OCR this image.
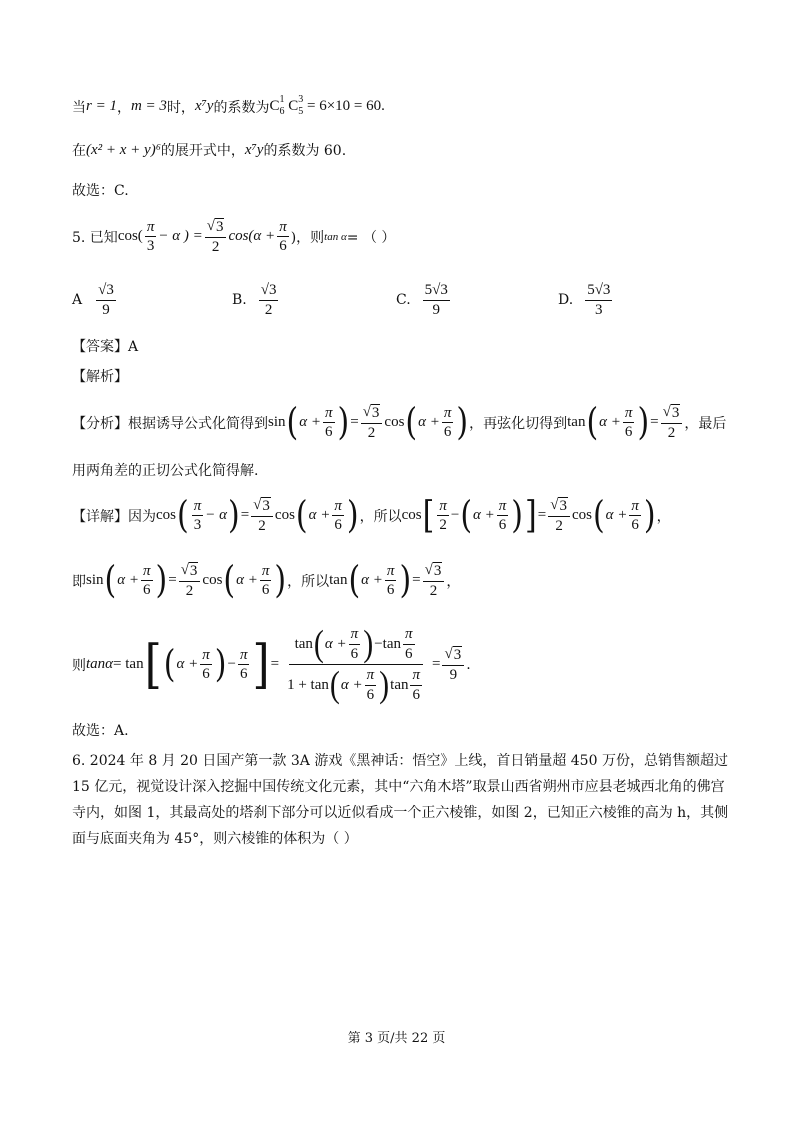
当 r = 1 ， m = 3 时， x⁷y 的系数为 $C^1_6$ $C^3_5 = 6\times 10 = 60$.
在 (x² + x + y)⁶ 的展开式中， x⁷y 的系数为 60.
故选：C.
5. 已知 $\cos( \frac{\pi}{3} - \alpha$ ) = $\frac{√ 3}{2} \cos(\alpha + \frac{\pi}{6}$ )，则 tan α = （ ）
A $\frac{√3}{9}$	B. $\frac{√3}{2}$	C. $\frac{5√3}{9}$	D. $\frac{5√3}{3}$
【答案】A
【解析】
【分析】根据诱导公式化简得到 sin ( $\alpha + \frac{\pi}{6}$ ) = $\frac{√ 3}{2}$ cos ( $\alpha + \frac{\pi}{6}$ ) ，再弦化切得到 tan ( $\alpha + \frac{\pi}{6}$ ) = $\frac{√ 3}{2}$ ，最后
用两角差的正切公式化简得解.
【详解】因为 cos ( $\frac{\pi}{3} - \alpha$ ) = $\frac{√ 3}{2}$ cos ( $\alpha + \frac{\pi}{6}$ ) ，所以 cos [ $\frac{\pi}{2}$ − ( $\alpha + \frac{\pi}{6}$ ) ] = $\frac{√ 3}{2}$ cos ( $\alpha + \frac{\pi}{6}$ ) ，
即 sin ( $\alpha + \frac{\pi}{6}$ ) = $\frac{√ 3}{2}$ cos ( $\alpha + \frac{\pi}{6}$ ) ，所以 tan ( $\alpha + \frac{\pi}{6}$ ) = $\frac{√ 3}{2}$ ，
则 tanα = tan [ ( $\alpha + \frac{\pi}{6}$ ) − $\frac{\pi}{6}$ ] = $\frac{\tan ( \alpha + \frac{\pi}{6} ) - \tan \frac{\pi}{6}}{1 + \tan ( \alpha + \frac{\pi}{6} ) \tan \frac{\pi}{6}} = \frac{√ 3}{9}$ .
故选：A.
6. 2024 年 8 月 20 日国产第一款 3A 游戏《黑神话：悟空》上线，首日销量超 450 万份，总销售额超过 15 亿元，视觉设计深入挖掘中国传统文化元素，其中“六角木塔”取景山西省朔州市应县老城西北角的佛宫寺内，如图 1，其最高处的塔刹下部分可以近似看成一个正六棱锥，如图 2，已知正六棱锥的高为 h，其侧面与底面夹角为 45°，则六棱锥的体积为（ ）
第 3 页/共 22 页
